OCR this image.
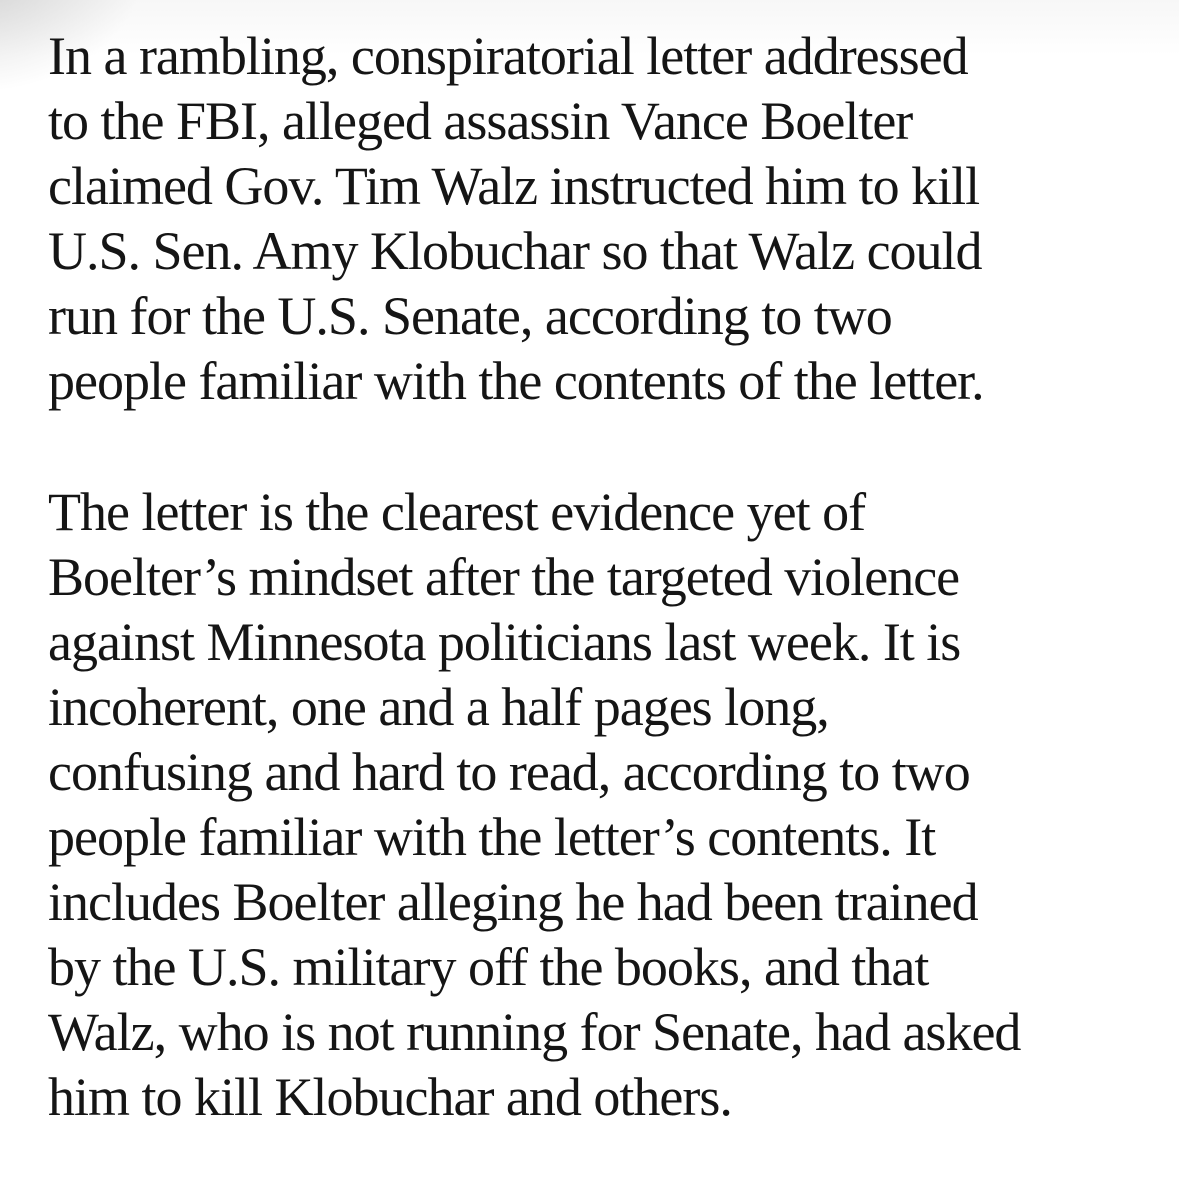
In a rambling, conspiratorial letter addressed
to the FBI, alleged assassin Vance Boelter
claimed Gov. Tim Walz instructed him to kill
U.S. Sen. Amy Klobuchar so that Walz could
run for the U.S. Senate, according to two
people familiar with the contents of the letter.
The letter is the clearest evidence yet of
Boelter’s mindset after the targeted violence
against Minnesota politicians last week. It is
incoherent, one and a half pages long,
confusing and hard to read, according to two
people familiar with the letter’s contents. It
includes Boelter alleging he had been trained
by the U.S. military off the books, and that
Walz, who is not running for Senate, had asked
him to kill Klobuchar and others.
